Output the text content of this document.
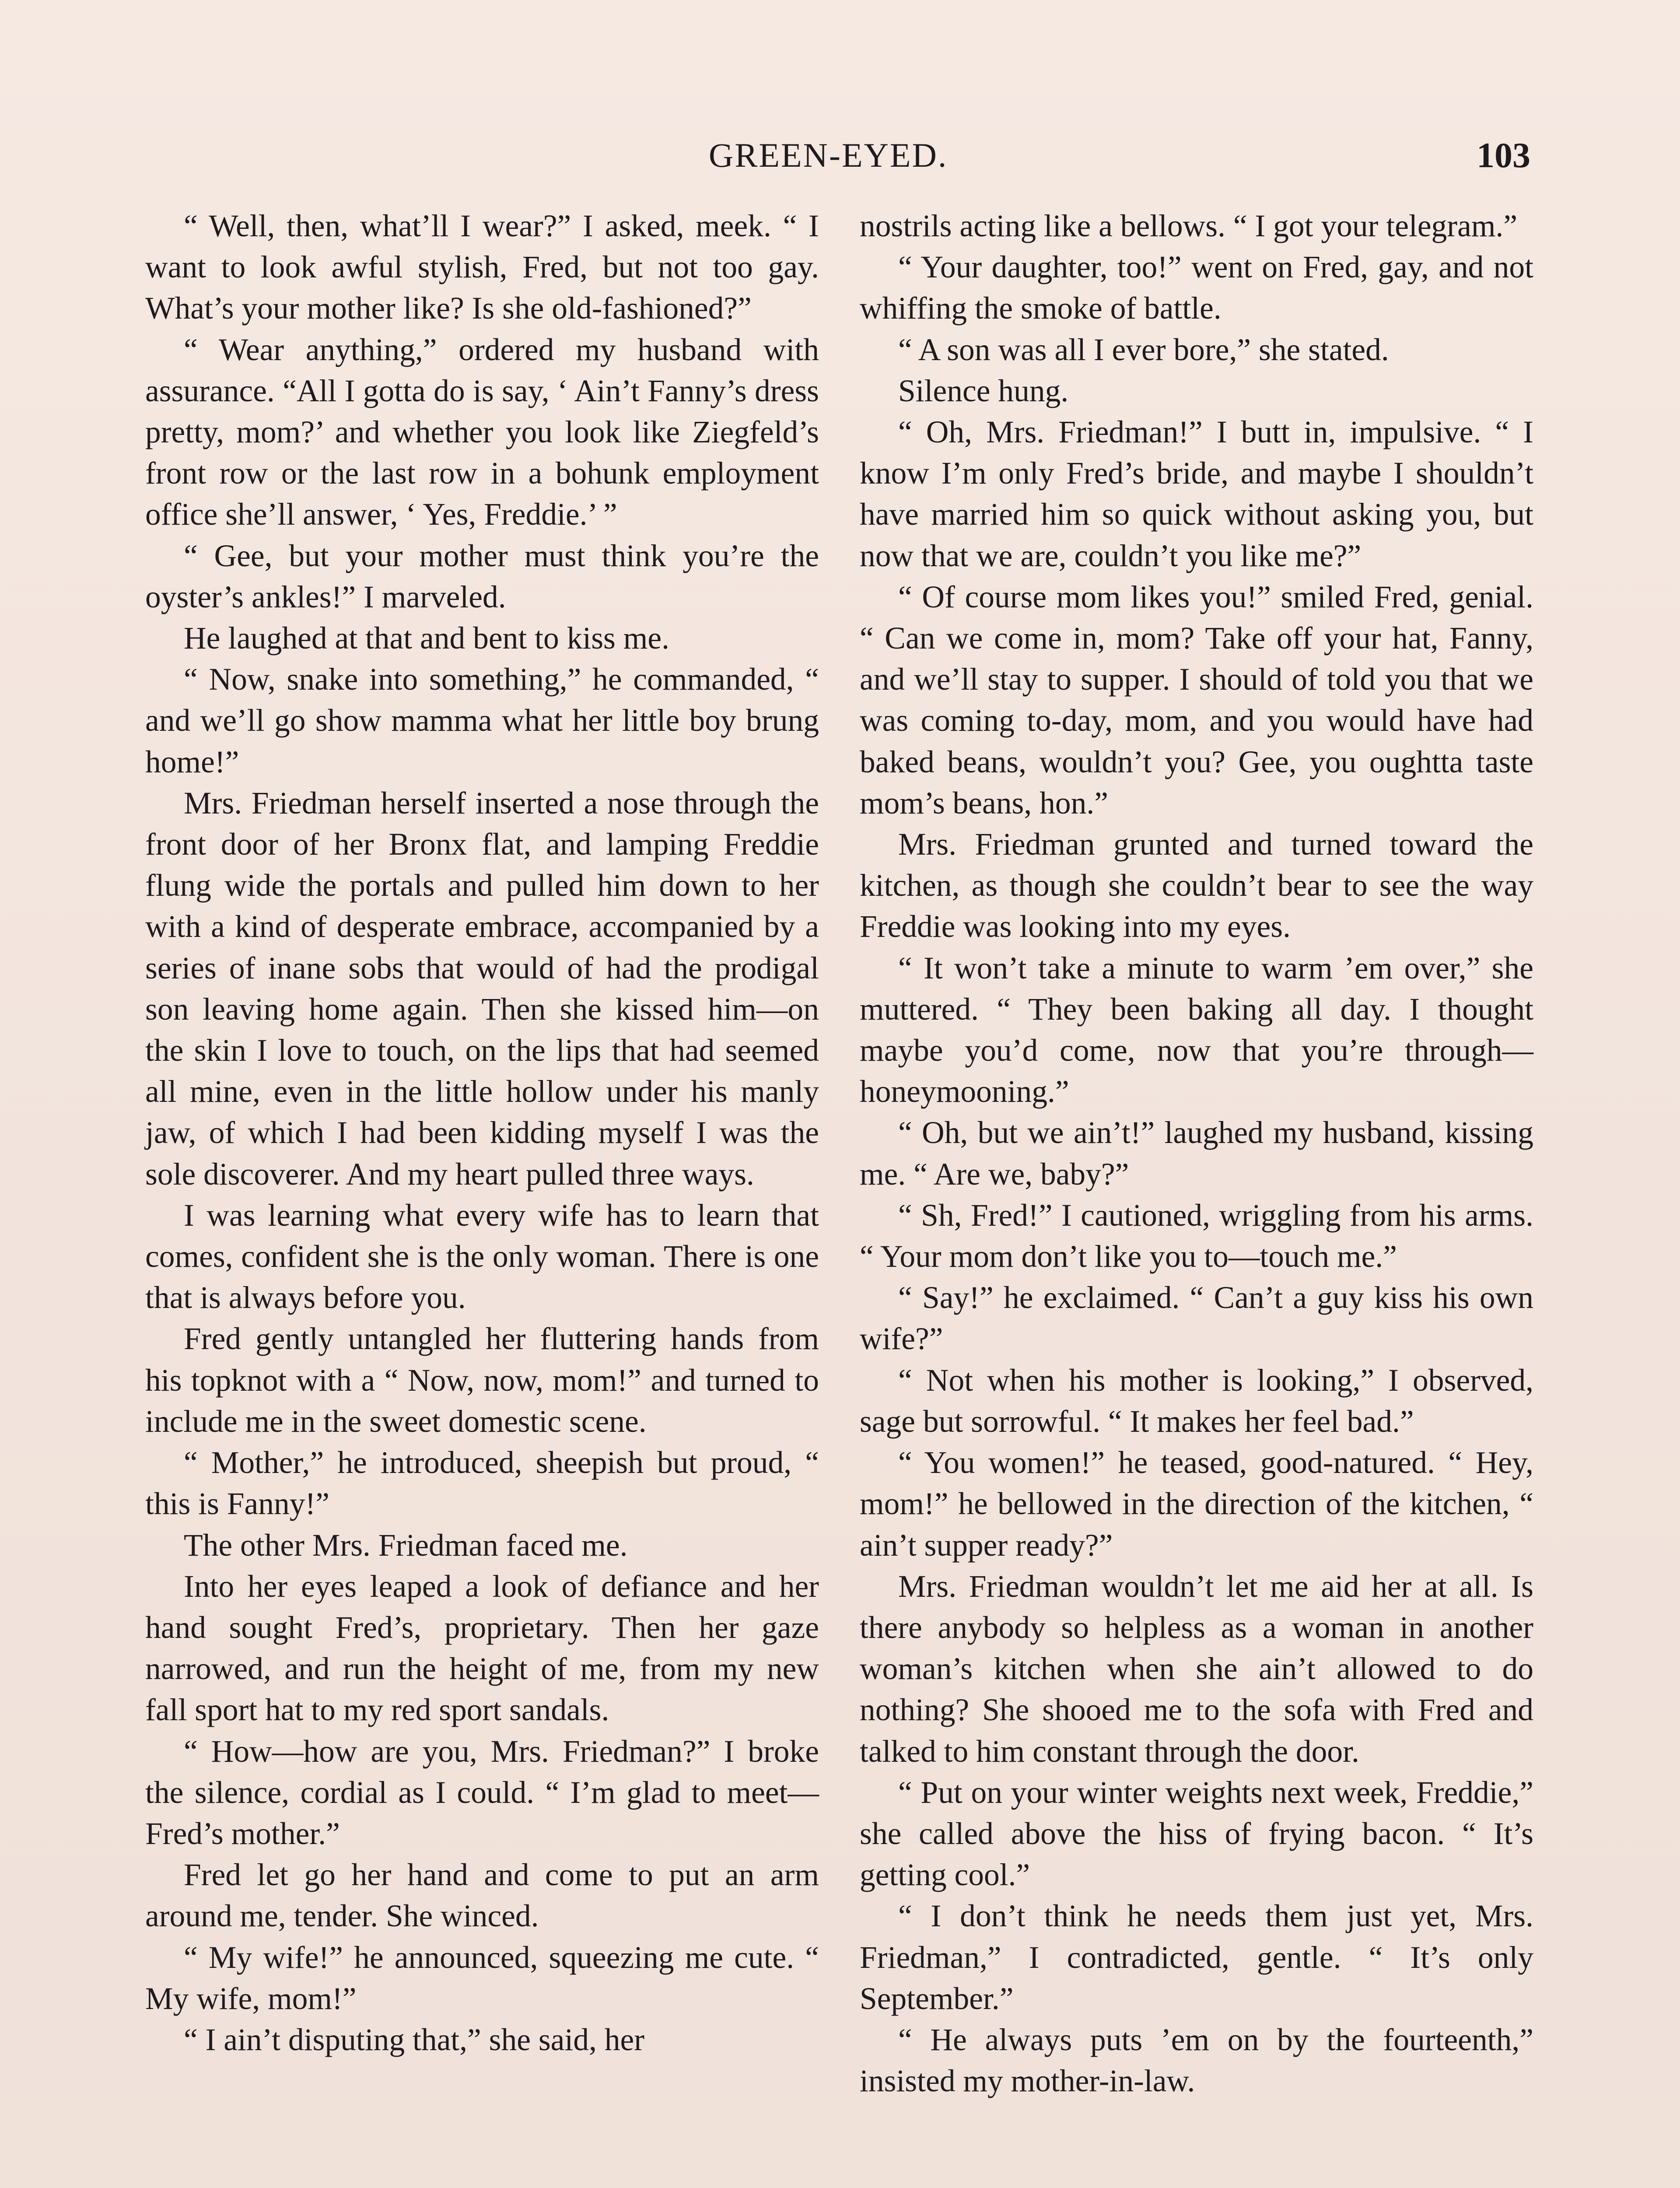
GREEN-EYED.	103

“ Well, then, what’ll I wear?” I asked, meek. “ I want to look awful stylish, Fred, but not too gay. What’s your mother like? Is she old-fashioned?”

“ Wear anything,” ordered my husband with assurance. “All I gotta do is say, ‘ Ain’t Fanny’s dress pretty, mom?’ and whether you look like Ziegfeld’s front row or the last row in a bohunk employment office she’ll answer, ‘ Yes, Freddie.’ ”

“ Gee, but your mother must think you’re the oyster’s ankles!” I marveled.

He laughed at that and bent to kiss me.

“ Now, snake into something,” he commanded, “ and we’ll go show mamma what her little boy brung home!”

Mrs. Friedman herself inserted a nose through the front door of her Bronx flat, and lamping Freddie flung wide the portals and pulled him down to her with a kind of desperate embrace, accompanied by a series of inane sobs that would of had the prodigal son leaving home again. Then she kissed him—on the skin I love to touch, on the lips that had seemed all mine, even in the little hollow under his manly jaw, of which I had been kidding myself I was the sole discoverer. And my heart pulled three ways.

I was learning what every wife has to learn that comes, confident she is the only woman. There is one that is always before you.

Fred gently untangled her fluttering hands from his topknot with a “ Now, now, mom!” and turned to include me in the sweet domestic scene.

“ Mother,” he introduced, sheepish but proud, “ this is Fanny!”

The other Mrs. Friedman faced me.

Into her eyes leaped a look of defiance and her hand sought Fred’s, proprietary. Then her gaze narrowed, and run the height of me, from my new fall sport hat to my red sport sandals.

“ How—how are you, Mrs. Friedman?” I broke the silence, cordial as I could. “ I’m glad to meet—Fred’s mother.”

Fred let go her hand and come to put an arm around me, tender. She winced.

“ My wife!” he announced, squeezing me cute. “ My wife, mom!”

“ I ain’t disputing that,” she said, her

nostrils acting like a bellows. “ I got your telegram.”

“ Your daughter, too!” went on Fred, gay, and not whiffing the smoke of battle.

“ A son was all I ever bore,” she stated.

Silence hung.

“ Oh, Mrs. Friedman!” I butt in, impulsive. “ I know I’m only Fred’s bride, and maybe I shouldn’t have married him so quick without asking you, but now that we are, couldn’t you like me?”

“ Of course mom likes you!” smiled Fred, genial. “ Can we come in, mom? Take off your hat, Fanny, and we’ll stay to supper. I should of told you that we was coming to-day, mom, and you would have had baked beans, wouldn’t you? Gee, you oughtta taste mom’s beans, hon.”

Mrs. Friedman grunted and turned toward the kitchen, as though she couldn’t bear to see the way Freddie was looking into my eyes.

“ It won’t take a minute to warm ’em over,” she muttered. “ They been baking all day. I thought maybe you’d come, now that you’re through—honeymooning.”

“ Oh, but we ain’t!” laughed my husband, kissing me. “ Are we, baby?”

“ Sh, Fred!” I cautioned, wriggling from his arms. “ Your mom don’t like you to—touch me.”

“ Say!” he exclaimed. “ Can’t a guy kiss his own wife?”

“ Not when his mother is looking,” I observed, sage but sorrowful. “ It makes her feel bad.”

“ You women!” he teased, good-natured. “ Hey, mom!” he bellowed in the direction of the kitchen, “ ain’t supper ready?”

Mrs. Friedman wouldn’t let me aid her at all. Is there anybody so helpless as a woman in another woman’s kitchen when she ain’t allowed to do nothing? She shooed me to the sofa with Fred and talked to him constant through the door.

“ Put on your winter weights next week, Freddie,” she called above the hiss of frying bacon. “ It’s getting cool.”

“ I don’t think he needs them just yet, Mrs. Friedman,” I contradicted, gentle. “ It’s only September.”

“ He always puts ’em on by the fourteenth,” insisted my mother-in-law.
